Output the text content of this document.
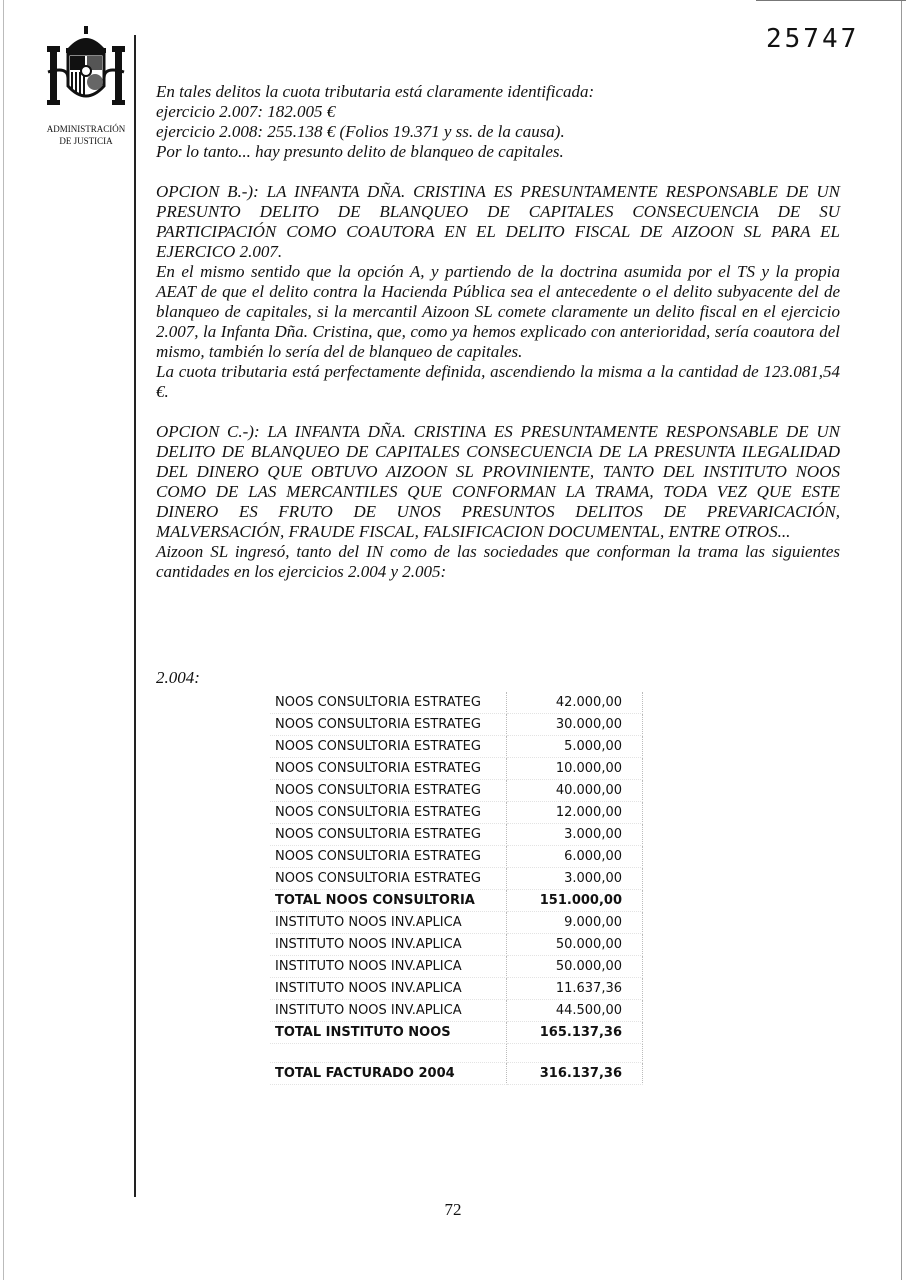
25747
ADMINISTRACIÓN
DE JUSTICIA

En tales delitos la cuota tributaria está claramente identificada:

ejercicio 2.007: 182.005 €

ejercicio 2.008: 255.138 € (Folios 19.371 y ss. de la causa).

Por lo tanto... hay presunto delito de blanqueo de capitales.

OPCION B.-): LA INFANTA DÑA. CRISTINA ES PRESUNTAMENTE RESPONSABLE DE UN PRESUNTO DELITO DE BLANQUEO DE CAPITALES CONSECUENCIA DE SU PARTICIPACIÓN COMO COAUTORA EN EL DELITO FISCAL DE AIZOON SL PARA EL EJERCICO 2.007.

En el mismo sentido que la opción A, y partiendo de la doctrina asumida por el TS y la propia AEAT de que el delito contra la Hacienda Pública sea el antecedente o el delito subyacente del de blanqueo de capitales, si la mercantil Aizoon SL comete claramente un delito fiscal en el ejercicio 2.007, la Infanta Dña. Cristina, que, como ya hemos explicado con anterioridad, sería coautora del mismo, también lo sería del de blanqueo de capitales.

La cuota tributaria está perfectamente definida, ascendiendo la misma a la cantidad de 123.081,54 €.

OPCION C.-): LA INFANTA DÑA. CRISTINA ES PRESUNTAMENTE RESPONSABLE DE UN DELITO DE BLANQUEO DE CAPITALES CONSECUENCIA DE LA PRESUNTA ILEGALIDAD DEL DINERO QUE OBTUVO AIZOON SL PROVINIENTE, TANTO DEL INSTITUTO NOOS COMO DE LAS MERCANTILES QUE CONFORMAN LA TRAMA, TODA VEZ QUE ESTE DINERO ES FRUTO DE UNOS PRESUNTOS DELITOS DE PREVARICACIÓN, MALVERSACIÓN, FRAUDE FISCAL, FALSIFICACION DOCUMENTAL, ENTRE OTROS...

Aizoon SL ingresó, tanto del IN como de las sociedades que conforman la trama las siguientes cantidades en los ejercicios 2.004 y 2.005:

2.004:
NOOS CONSULTORIA ESTRATEG	42.000,00
NOOS CONSULTORIA ESTRATEG	30.000,00
NOOS CONSULTORIA ESTRATEG	5.000,00
NOOS CONSULTORIA ESTRATEG	10.000,00
NOOS CONSULTORIA ESTRATEG	40.000,00
NOOS CONSULTORIA ESTRATEG	12.000,00
NOOS CONSULTORIA ESTRATEG	3.000,00
NOOS CONSULTORIA ESTRATEG	6.000,00
NOOS CONSULTORIA ESTRATEG	3.000,00
TOTAL NOOS CONSULTORIA	151.000,00
INSTITUTO NOOS INV.APLICA	9.000,00
INSTITUTO NOOS INV.APLICA	50.000,00
INSTITUTO NOOS INV.APLICA	50.000,00
INSTITUTO NOOS INV.APLICA	11.637,36
INSTITUTO NOOS INV.APLICA	44.500,00
TOTAL INSTITUTO NOOS	165.137,36

TOTAL FACTURADO 2004	316.137,36
72
